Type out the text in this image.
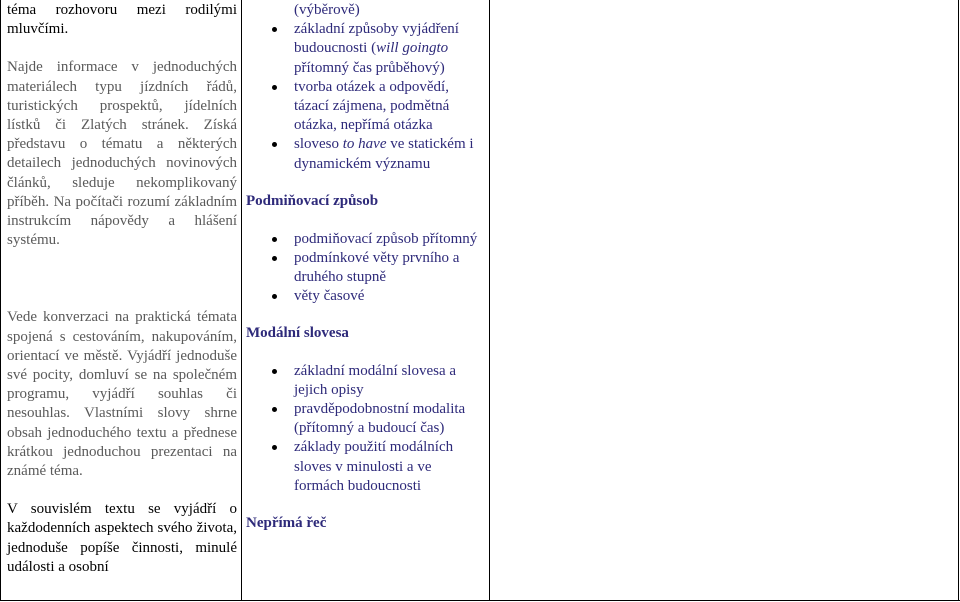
téma rozhovoru mezi rodilými mluvčími.

Najde informace v jednoduchých materiálech typu jízdních řádů, turistických prospektů, jídelních lístků či Zlatých stránek. Získá představu o tématu a některých detailech jednoduchých novinových článků, sleduje nekomplikovaný příběh. Na počítači rozumí základním instrukcím nápovědy a hlášení systému.

Vede konverzaci na praktická témata spojená s cestováním, nakupováním, orientací ve městě. Vyjádří jednoduše své pocity, domluví se na společném programu, vyjádří souhlas či nesouhlas. Vlastními slovy shrne obsah jednoduchého textu a přednese krátkou jednoduchou prezentaci na známé téma.

V souvislém textu se vyjádří o každodenních aspektech svého života, jednoduše popíše činnosti, minulé události a osobní

(výběrově)

základní způsoby vyjádření budoucnosti (will goingto
přítomný čas průběhový)
tvorba otázek a odpovědí, tázací zájmena, podmětná otázka, nepřímá otázka
sloveso to have ve statickém i dynamickém významu

Podmiňovací způsob

podmiňovací způsob přítomný
podmínkové věty prvního a druhého stupně
věty časové

Modální slovesa

základní modální slovesa a jejich opisy
pravděpodobnostní modalita (přítomný a budoucí čas)
základy použití modálních sloves v minulosti a ve formách budoucnosti

Nepřímá řeč
